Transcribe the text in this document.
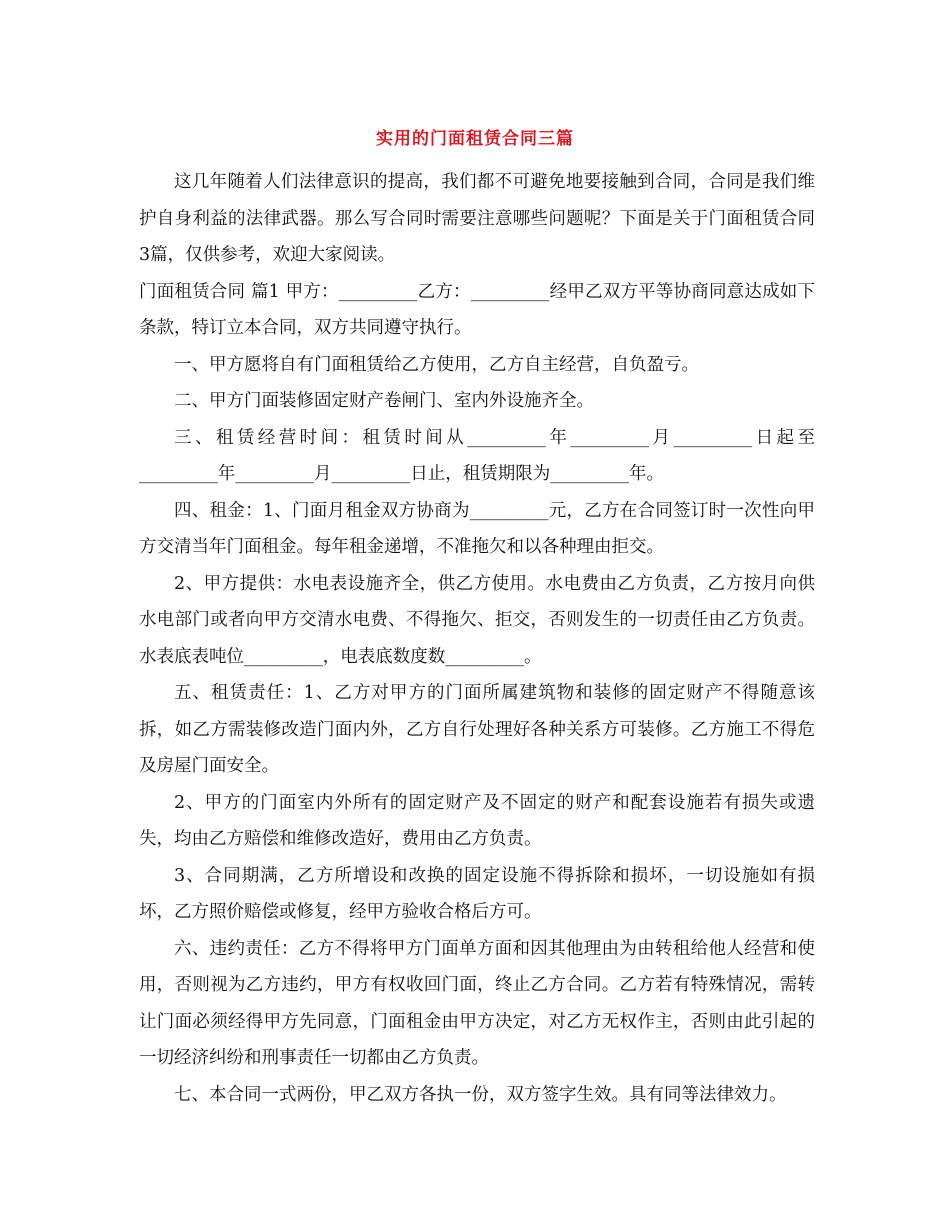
实用的门面租赁合同三篇

这几年随着人们法律意识的提高，我们都不可避免地要接触到合同，合同是我们维护自身利益的法律武器。那么写合同时需要注意哪些问题呢？下面是关于门面租赁合同3篇，仅供参考，欢迎大家阅读。

门面租赁合同 篇1 甲方：_________乙方：_________经甲乙双方平等协商同意达成如下条款，特订立本合同，双方共同遵守执行。

一、甲方愿将自有门面租赁给乙方使用，乙方自主经营，自负盈亏。

二、甲方门面装修固定财产卷闸门、室内外设施齐全。

三、租赁经营时间：租赁时间从_________年_________月_________日起至_________年_________月_________日止，租赁期限为_________年。

四、租金：1、门面月租金双方协商为_________元，乙方在合同签订时一次性向甲方交清当年门面租金。每年租金递增，不准拖欠和以各种理由拒交。

2、甲方提供：水电表设施齐全，供乙方使用。水电费由乙方负责，乙方按月向供水电部门或者向甲方交清水电费、不得拖欠、拒交，否则发生的一切责任由乙方负责。水表底表吨位_________，电表底数度数_________。

五、租赁责任：1、乙方对甲方的门面所属建筑物和装修的固定财产不得随意该拆，如乙方需装修改造门面内外，乙方自行处理好各种关系方可装修。乙方施工不得危及房屋门面安全。

2、甲方的门面室内外所有的固定财产及不固定的财产和配套设施若有损失或遗失，均由乙方赔偿和维修改造好，费用由乙方负责。

3、合同期满，乙方所增设和改换的固定设施不得拆除和损坏，一切设施如有损坏，乙方照价赔偿或修复，经甲方验收合格后方可。

六、违约责任：乙方不得将甲方门面单方面和因其他理由为由转租给他人经营和使用，否则视为乙方违约，甲方有权收回门面，终止乙方合同。乙方若有特殊情况，需转让门面必须经得甲方先同意，门面租金由甲方决定，对乙方无权作主，否则由此引起的一切经济纠纷和刑事责任一切都由乙方负责。

七、本合同一式两份，甲乙双方各执一份，双方签字生效。具有同等法律效力。
